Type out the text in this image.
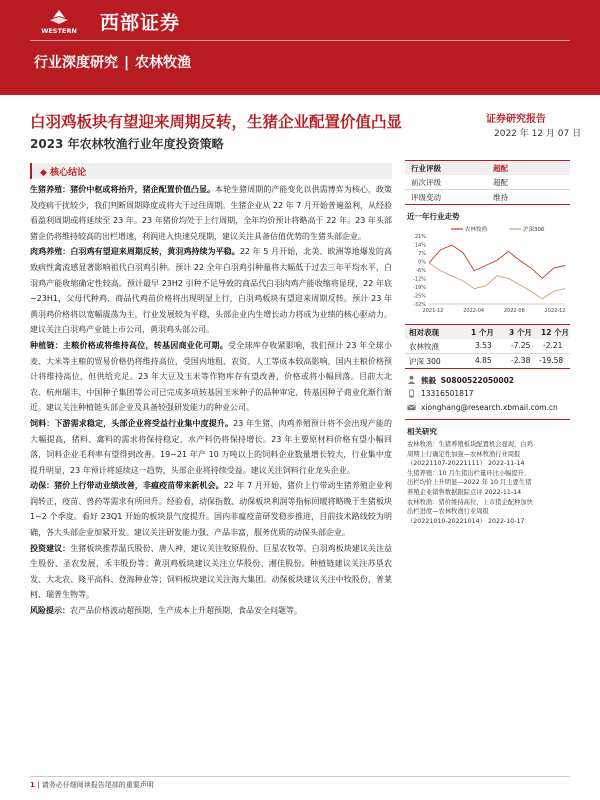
WESTERN 西部证券
行业深度研究 | 农林牧渔
白羽鸡板块有望迎来周期反转，生猪企业配置价值凸显
2023 年农林牧渔行业年度投资策略
证券研究报告
2022 年 12 月 07 日
◆ 核心结论

生猪养殖：猪价中枢或将抬升，猪企配置价值凸显。本轮生猪周期的产能变化以供需博弈为核心，政策及疫病干扰较少，我们判断周期降度或将大于过往周期。生猪企业从 22 年 7 月开始普遍盈利，从经验看盈利周期或将延续至 23 年。23 年猪价均处于上行周期，全年均价预计将略高于 22 年。23 年头部猪企仍将维持较高的出栏增速，利润进入快速兑现期，建议关注具备估值优势的生猪头部企业。

肉鸡养殖：白羽鸡有望迎来周期反转，黄羽鸡持续为平稳。22 年 5 月开始，北美、欧洲等地爆发的高致病性禽流感显著影响祖代白羽鸡引种。预计 22 全年白羽鸡引种量将大幅低于过去三年平均水平，白羽鸡产能收缩确定性较高。预计最早 23H2 引种不足导致的商品代白羽肉鸡产能收缩将显现，22 年底~23H1，父母代种鸡、商品代鸡苗价格将出现明显上行，白羽鸡板块有望迎来周期反转。预计 23 年黄羽鸡价格将以宽幅震荡为主，行业发展较为平稳，头部企业内生增长动力将成为业绩的核心驱动力。建议关注白羽鸡产业链上市公司，黄羽鸡头部公司。

种植链：主粮价格或将维持高位，转基因商业化可期。受全球库存收紧影响，我们预计 23 年全球小麦、大米等主粮的贸易价格仍将维持高位，受国内地租、农资、人工等成本较高影响，国内主粮价格预计将维持高位，但供给充足。23 年大豆及玉米等作物库存有望改善，价格或将小幅回落。目前大北农、杭州瑞丰、中国种子集团等公司已完成多项转基因玉米种子的品种审定，转基因种子商业化渐行渐近。建议关注种植链头部企业及具备较强研发能力的种业公司。

饲料：下游需求稳定，头部企业将受益行业集中度提升。23 年生猪、肉鸡养殖预计将不会出现产能的大幅提高，猪料、禽料的需求将保持稳定，水产料仍将保持增长。23 年主要原材料价格有望小幅回落，饲料企业毛利率有望得到改善。19~21 年产 10 万吨以上的饲料企业数量增长较大，行业集中度提升明显，23 年预计将延续这一趋势，头部企业将持续受益。建议关注饲料行业龙头企业。

动保：猪价上行带动业绩改善，非瘟疫苗带来新机会。22 年 7 月开始，猪价上行带动生猪养殖企业利润转正，疫苗、兽药等需求有所回升。经验看，动保指数、动保板块利润等指标回暖将略晚于生猪板块 1~2 个季度。看好 23Q1 开始的板块景气度提升。国内非瘟疫苗研发稳步推进，目前技术路线较为明确，各大头部企业加紧开发。建议关注研发能力强、产品丰富，服务优质的动保头部企业。

投资建议：生猪板块推荐温氏股份、唐人神，建议关注牧原股份、巨星农牧等。白羽鸡板块建议关注益生股份、圣农发展、禾丰股份等；黄羽鸡板块建议关注立华股份、湘佳股份。种植链建议关注苏垦农发、大北农、隆平高科、登海种业等；饲料板块建议关注海大集团。动保板块建议关注中牧股份、普莱柯、瑞普生物等。

风险提示：农产品价格波动超预期，生产成本上升超预期，食品安全问题等。

行业评级	超配
前次评级	超配
评级变动	维持
近一年行业走势
农林牧渔	沪深300
21%
14%
7%
0%
-6%
-12%
-19%
-25%
-32%
2021-12	2022-04	2022-08	2022-12
相对表现	1 个月 3 个月 12 个月
农林牧渔	3.53	-7.25 -2.21
沪深 300	4.85	-2.38 -19.58
熊毅 S0800522050002
13316501817
xionghang@research.xbmail.com.cn
相关研究
农林牧渔：生猪养殖板块配置机会显现，白鸡
周期上行确定性加强—农林牧渔行业周报
（20221107-20221111） 2022-11-14
生猪养殖：10 月生猪出栏量环比小幅提升，
出栏均价上升明显—2022 年 10 月主要生猪
养殖企业销售数据跟踪点评 2022-11-14
农林牧渔：猪价维持高位，上市猪企配种加快
出栏进度—农林牧渔行业周报
（20221010-20221014） 2022-10-17
1 | 请务必仔细阅读报告尾部的重要声明
